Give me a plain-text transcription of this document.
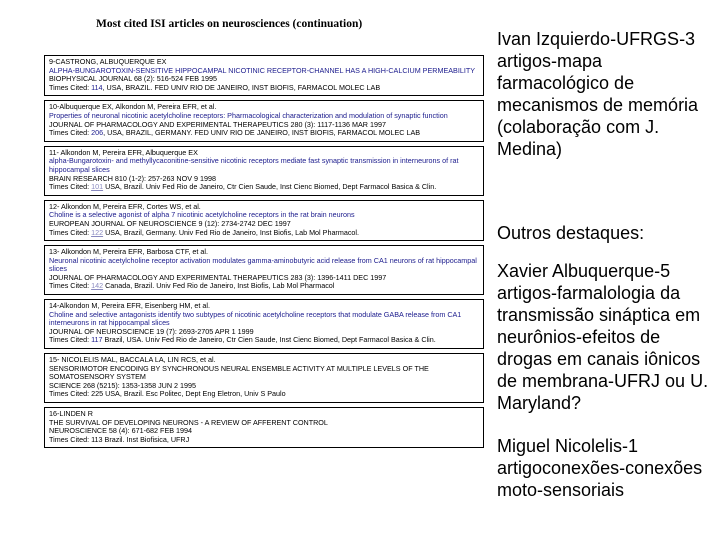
Most cited ISI articles on neurosciences (continuation)
9-CASTRONG, ALBUQUERQUE EX
ALPHA-BUNGAROTOXIN-SENSITIVE HIPPOCAMPAL NICOTINIC RECEPTOR-CHANNEL HAS A HIGH-CALCIUM PERMEABILITY
BIOPHYSICAL JOURNAL 68 (2): 516-524 FEB 1995
Times Cited: 114, USA, BRAZIL. FED UNIV RIO DE JANEIRO, INST BIOFIS, FARMACOL MOLEC LAB
10-Albuquerque EX, Alkondon M, Pereira EFR, et al.
Properties of neuronal nicotinic acetylcholine receptors: Pharmacological characterization and modulation of synaptic function
JOURNAL OF PHARMACOLOGY AND EXPERIMENTAL THERAPEUTICS 280 (3): 1117-1136 MAR 1997
Times Cited: 206, USA, BRAZIL, GERMANY. FED UNIV RIO DE JANEIRO, INST BIOFIS, FARMACOL MOLEC LAB
11- Alkondon M, Pereira EFR, Albuquerque EX
alpha-Bungarotoxin- and methyllycaconitine-sensitive nicotinic receptors mediate fast synaptic transmission in interneurons of rat hippocampal slices
BRAIN RESEARCH 810 (1-2): 257-263 NOV 9 1998
Times Cited: 101 USA, Brazil. Univ Fed Rio de Janeiro, Ctr Cien Saude, Inst Cienc Biomed, Dept Farmacol Basica & Clin.
12- Alkondon M, Pereira EFR, Cortes WS, et al.
Choline is a selective agonist of alpha 7 nicotinic acetylcholine receptors in the rat brain neurons
EUROPEAN JOURNAL OF NEUROSCIENCE 9 (12): 2734-2742 DEC 1997
Times Cited: 122 USA, Brazil, Germany. Univ Fed Rio de Janeiro, Inst Biofis, Lab Mol Pharmacol.
13- Alkondon M, Pereira EFR, Barbosa CTF, et al.
Neuronal nicotinic acetylcholine receptor activation modulates gamma-aminobutyric acid release from CA1 neurons of rat hippocampal slices
JOURNAL OF PHARMACOLOGY AND EXPERIMENTAL THERAPEUTICS 283 (3): 1396-1411 DEC 1997
Times Cited: 142 Canada, Brazil. Univ Fed Rio de Janeiro, Inst Biofis, Lab Mol Pharmacol
14-Alkondon M, Pereira EFR, Eisenberg HM, et al.
Choline and selective antagonists identify two subtypes of nicotinic acetylcholine receptors that modulate GABA release from CA1 interneurons in rat hippocampal slices
JOURNAL OF NEUROSCIENCE 19 (7): 2693-2705 APR 1 1999
Times Cited: 117 Brazil, USA. Univ Fed Rio de Janeiro, Ctr Cien Saude, Inst Cienc Biomed, Dept Farmacol Basica & Clin.
15- NICOLELIS MAL, BACCALA LA, LIN RCS, et al.
SENSORIMOTOR ENCODING BY SYNCHRONOUS NEURAL ENSEMBLE ACTIVITY AT MULTIPLE LEVELS OF THE SOMATOSENSORY SYSTEM
SCIENCE 268 (5215): 1353-1358 JUN 2 1995
Times Cited: 225 USA, Brazil. Esc Politec, Dept Eng Eletron, Univ S Paulo
16-LINDEN R
THE SURVIVAL OF DEVELOPING NEURONS - A REVIEW OF AFFERENT CONTROL
NEUROSCIENCE 58 (4): 671-682 FEB 1994
Times Cited: 113 Brazil. Inst Biofisica, UFRJ
Ivan Izquierdo-UFRGS-3 artigos-mapa farmacológico de mecanismos de memória (colaboração com J. Medina)
Outros destaques:
Xavier Albuquerque-5 artigos-farmalologia da transmissão sináptica em neurônios-efeitos de drogas em canais iônicos de membrana-UFRJ ou U. Maryland?
Miguel Nicolelis-1 artigoconexões-conexões moto-sensoriais
